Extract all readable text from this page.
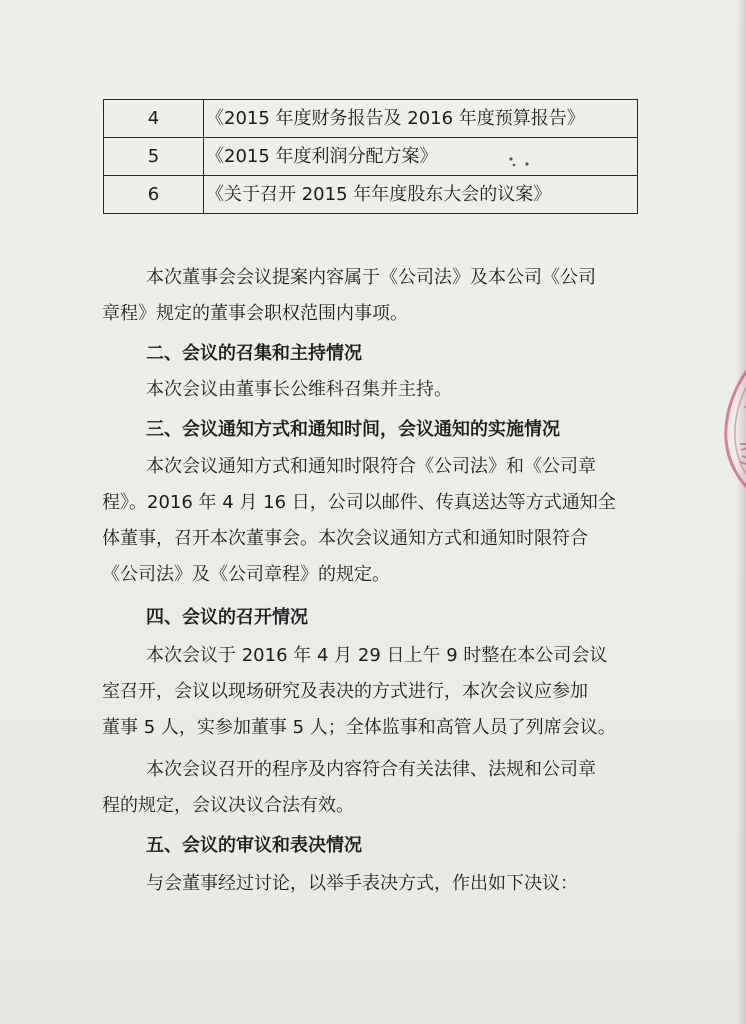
4	《2015 年度财务报告及 2016 年度预算报告》
5	《2015 年度利润分配方案》
6	《关于召开 2015 年年度股东大会的议案》
本次董事会会议提案内容属于《公司法》及本公司《公司
章程》规定的董事会职权范围内事项。
二、会议的召集和主持情况
本次会议由董事长公维科召集并主持。
三、会议通知方式和通知时间，会议通知的实施情况
本次会议通知方式和通知时限符合《公司法》和《公司章
程》。2016 年 4 月 16 日，公司以邮件、传真送达等方式通知全
体董事，召开本次董事会。本次会议通知方式和通知时限符合
《公司法》及《公司章程》的规定。
四、会议的召开情况
本次会议于 2016 年 4 月 29 日上午 9 时整在本公司会议
室召开，会议以现场研究及表决的方式进行，本次会议应参加
董事 5 人，实参加董事 5 人；全体监事和高管人员了列席会议。
本次会议召开的程序及内容符合有关法律、法规和公司章
程的规定，会议决议合法有效。
五、会议的审议和表决情况
与会董事经过讨论，以举手表决方式，作出如下决议：
